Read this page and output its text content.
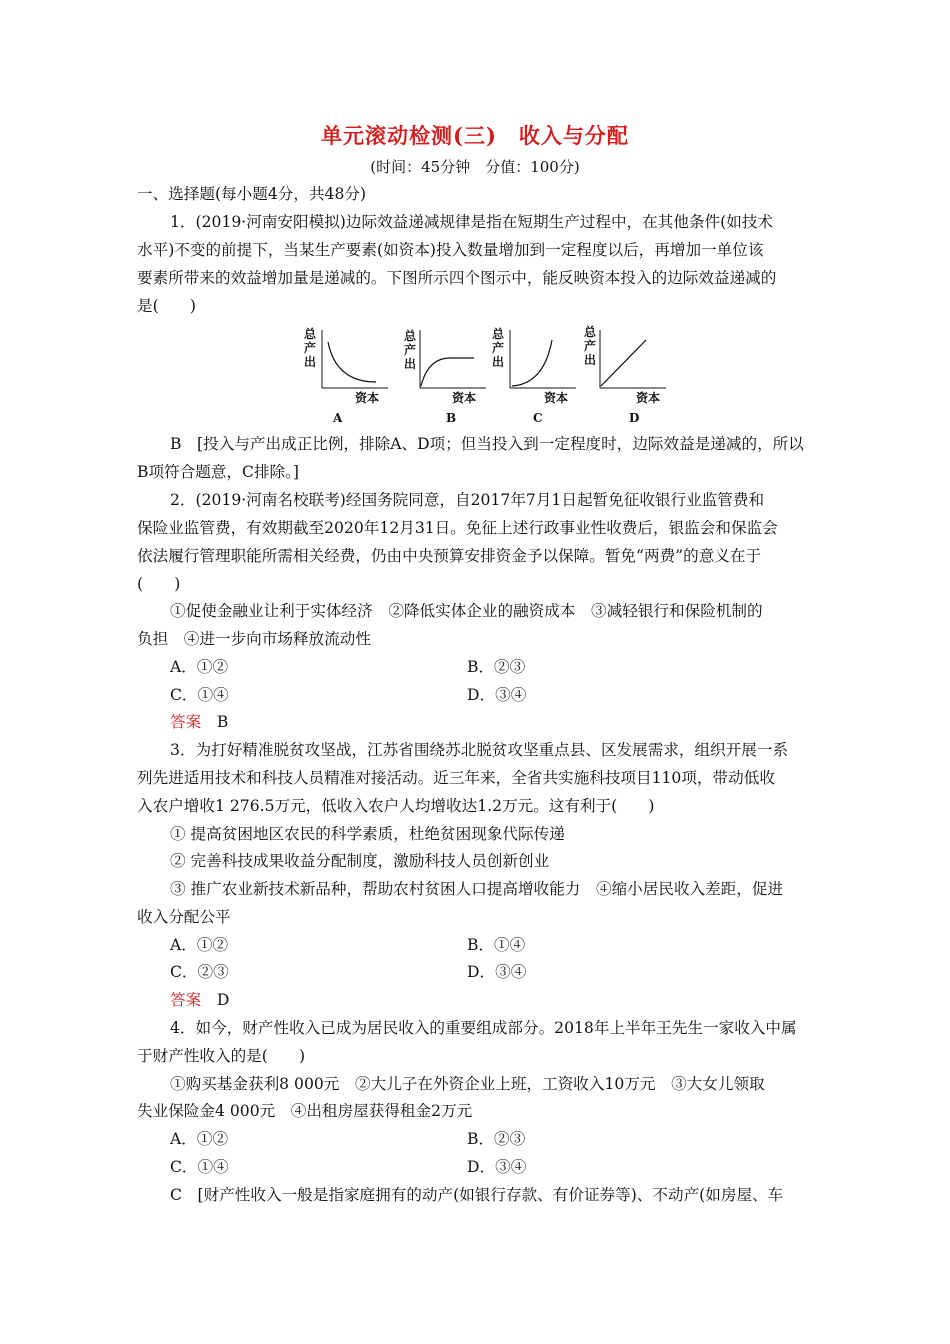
单元滚动检测(三)　收入与分配
(时间：45分钟　分值：100分)
一、选择题(每小题4分，共48分)
1．(2019·河南安阳模拟)边际效益递减规律是指在短期生产过程中，在其他条件(如技术
水平)不变的前提下，当某生产要素(如资本)投入数量增加到一定程度以后，再增加一单位该
要素所带来的效益增加量是递减的。下图所示四个图示中，能反映资本投入的边际效益递减的
是(　　)
总
产
出
资本
A
总
产
出
资本
B
总
产
出
资本
C
总
产
出
资本
D
B　[投入与产出成正比例，排除A、D项；但当投入到一定程度时，边际效益是递减的，所以
B项符合题意，C排除。]
2．(2019·河南名校联考)经国务院同意，自2017年7月1日起暂免征收银行业监管费和
保险业监管费，有效期截至2020年12月31日。免征上述行政事业性收费后，银监会和保监会
依法履行管理职能所需相关经费，仍由中央预算安排资金予以保障。暂免“两费”的意义在于
(　　)
①促使金融业让利于实体经济　②降低实体企业的融资成本　③减轻银行和保险机制的
负担　④进一步向市场释放流动性
A．①②	B．②③
C．①④	D．③④
答案　 B
3．为打好精准脱贫攻坚战，江苏省围绕苏北脱贫攻坚重点县、区发展需求，组织开展一系
列先进适用技术和科技人员精准对接活动。近三年来，全省共实施科技项目110项，带动低收
入农户增收1 276.5万元，低收入农户人均增收达1.2万元。这有利于(　　)
① 提高贫困地区农民的科学素质，杜绝贫困现象代际传递
② 完善科技成果收益分配制度，激励科技人员创新创业
③ 推广农业新技术新品种，帮助农村贫困人口提高增收能力　④缩小居民收入差距，促进
收入分配公平
A．①②	B．①④
C．②③	D．③④
答案　 D
4．如今，财产性收入已成为居民收入的重要组成部分。2018年上半年王先生一家收入中属
于财产性收入的是(　　)
①购买基金获利8 000元　②大儿子在外资企业上班，工资收入10万元　③大女儿领取
失业保险金4 000元　④出租房屋获得租金2万元
A．①②	B．②③
C．①④	D．③④
C　[财产性收入一般是指家庭拥有的动产(如银行存款、有价证券等)、不动产(如房屋、车
